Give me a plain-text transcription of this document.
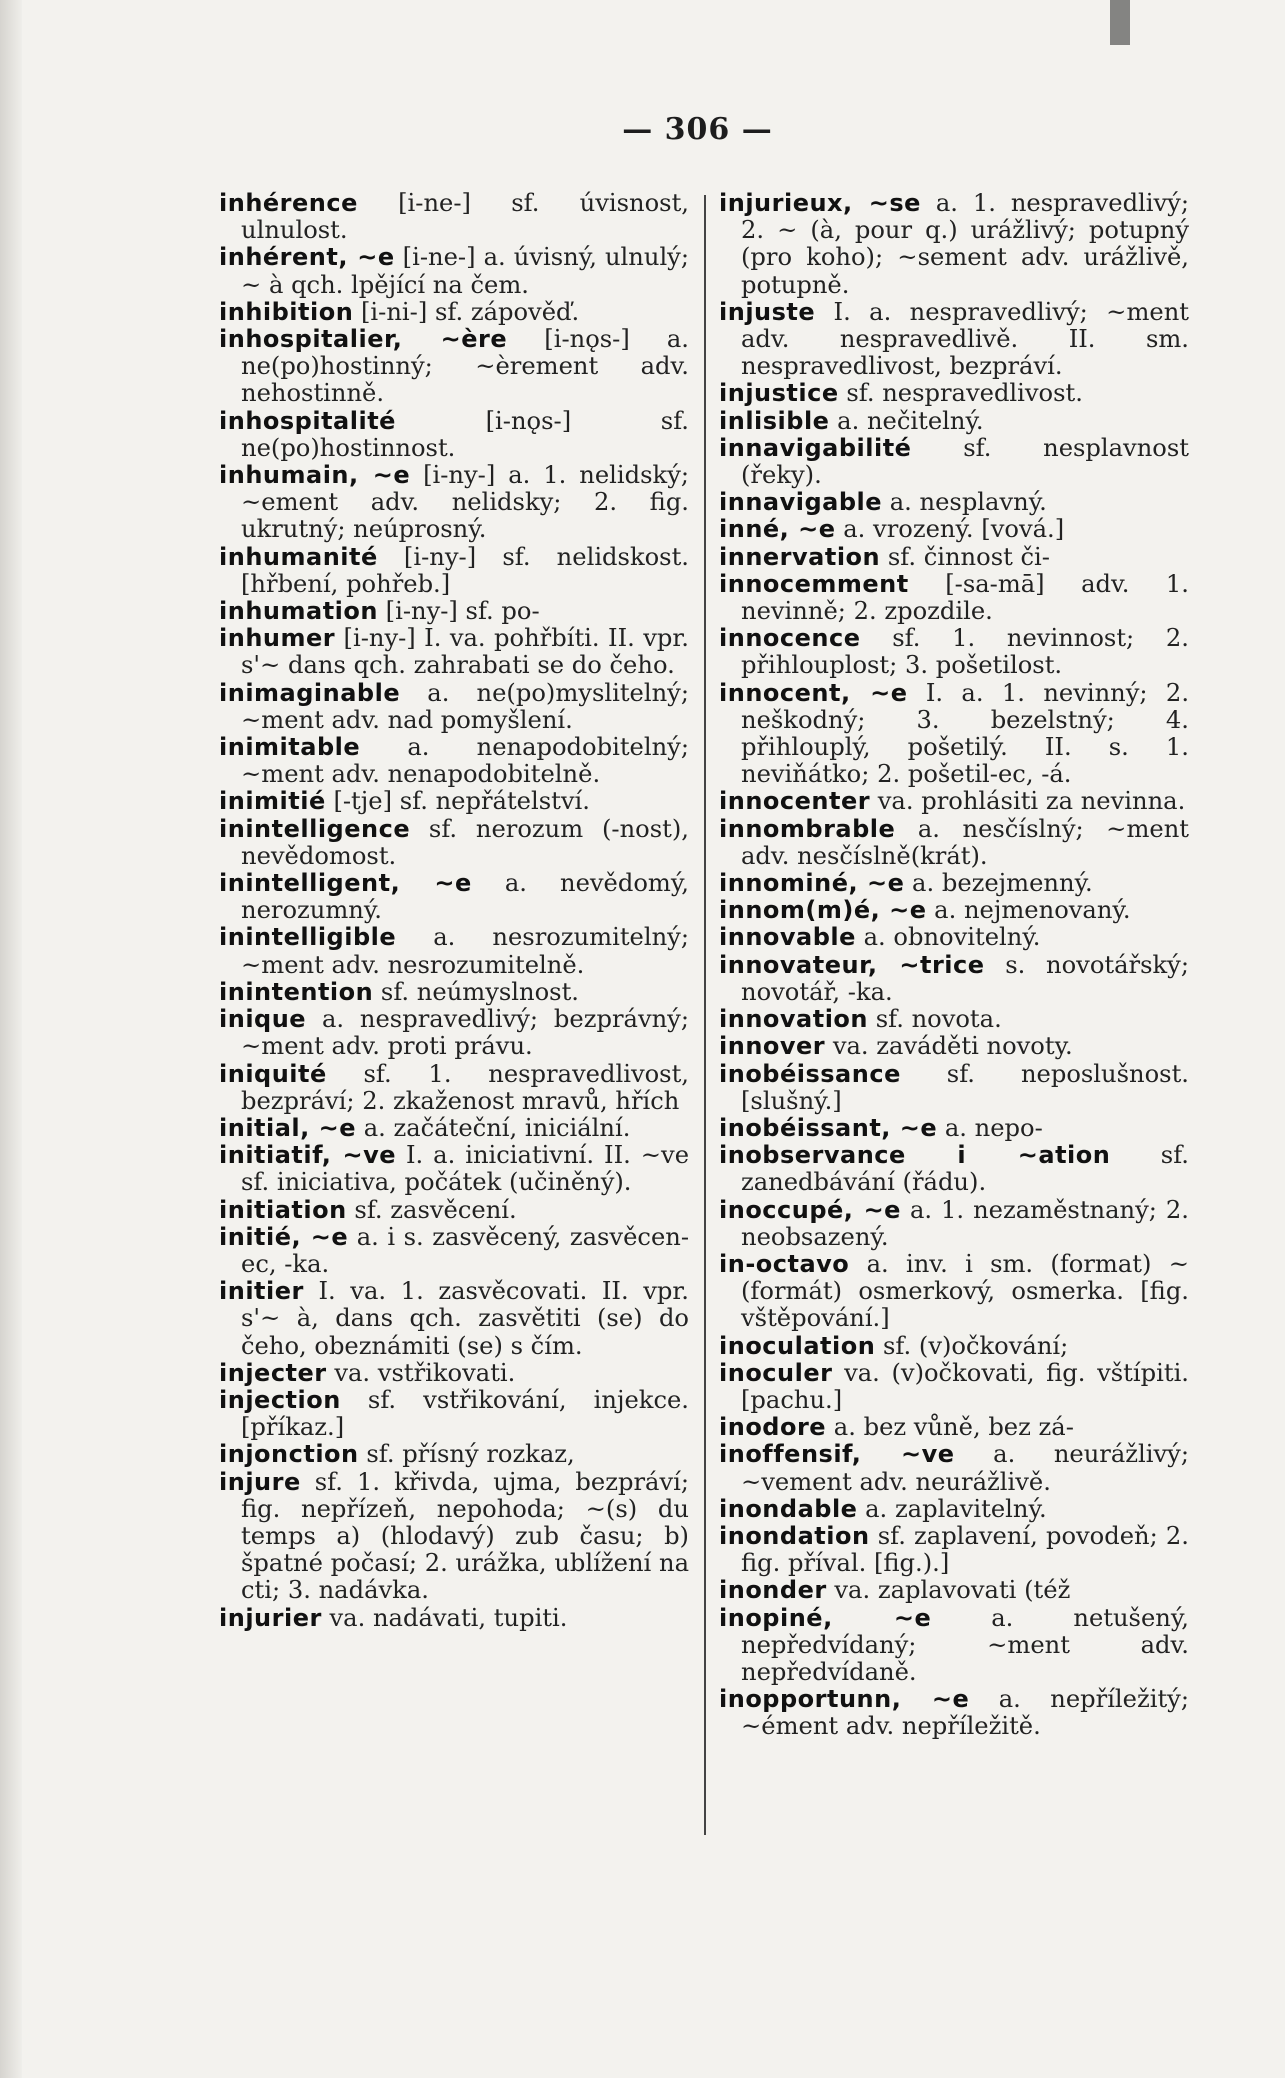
— 306 —

inhérence [i-ne-] sf. úvisnost, ulnulost.

inhérent, ~e [i-ne-] a. úvisný, ulnulý; ~ à qch. lpějící na čem.

inhibition [i-ni-] sf. zápověď.

inhospitalier, ~ère [i-nǫs-] a. ne(po)hostinný; ~èrement adv. nehostinně.

inhospitalité [i-nǫs-] sf. ne(po)hostinnost.

inhumain, ~e [i-ny-] a. 1. nelidský; ~ement adv. nelidsky; 2. fig. ukrutný; neúprosný.

inhumanité [i-ny-] sf. nelidskost. [hřbení, pohřeb.]

inhumation [i-ny-] sf. po-

inhumer [i-ny-] I. va. pohřbíti. II. vpr. s'~ dans qch. zahrabati se do čeho.

inimaginable a. ne(po)myslitelný; ~ment adv. nad pomyšlení.

inimitable a. nenapodobitelný; ~ment adv. nenapodobitelně.

inimitié [-tje] sf. nepřátelství.

inintelligence sf. nerozum (-nost), nevědomost.

inintelligent, ~e a. nevědomý, nerozumný.

inintelligible a. nesrozumitelný; ~ment adv. nesrozumitelně.

inintention sf. neúmyslnost.

inique a. nespravedlivý; bezprávný; ~ment adv. proti právu.

iniquité sf. 1. nespravedlivost, bezpráví; 2. zkaženost mravů, hřích

initial, ~e a. začáteční, iniciální.

initiatif, ~ve I. a. iniciativní. II. ~ve sf. iniciativa, počátek (učiněný).

initiation sf. zasvěcení.

initié, ~e a. i s. zasvěcený, zasvěcen-ec, -ka.

initier I. va. 1. zasvěcovati. II. vpr. s'~ à, dans qch. zasvětiti (se) do čeho, obeznámiti (se) s čím.

injecter va. vstřikovati.

injection sf. vstřikování, injekce. [příkaz.]

injonction sf. přísný rozkaz,

injure sf. 1. křivda, ujma, bezpráví; fig. nepřízeň, nepohoda; ~(s) du temps a) (hlodavý) zub času; b) špatné počasí; 2. urážka, ublížení na cti; 3. nadávka.

injurier va. nadávati, tupiti.

injurieux, ~se a. 1. nespravedlivý; 2. ~ (à, pour q.) urážlivý; potupný (pro koho); ~sement adv. urážlivě, potupně.

injuste I. a. nespravedlivý; ~ment adv. nespravedlivě. II. sm. nespravedlivost, bezpráví.

injustice sf. nespravedlivost.

inlisible a. nečitelný.

innavigabilité sf. nesplavnost (řeky).

innavigable a. nesplavný.

inné, ~e a. vrozený. [vová.]

innervation sf. činnost či-

innocemment [-sa-mā] adv. 1. nevinně; 2. zpozdile.

innocence sf. 1. nevinnost; 2. přihlouplost; 3. pošetilost.

innocent, ~e I. a. 1. nevinný; 2. neškodný; 3. bezelstný; 4. přihlouplý, pošetilý. II. s. 1. neviňátko; 2. pošetil-ec, -á.

innocenter va. prohlásiti za nevinna.

innombrable a. nesčíslný; ~ment adv. nesčíslně(krát).

innominé, ~e a. bezejmenný.

innom(m)é, ~e a. nejmenovaný.

innovable a. obnovitelný.

innovateur, ~trice s. novotářský; novotář, -ka.

innovation sf. novota.

innover va. zaváděti novoty.

inobéissance sf. neposlušnost. [slušný.]

inobéissant, ~e a. nepo-

inobservance i ~ation sf. zanedbávání (řádu).

inoccupé, ~e a. 1. nezaměstnaný; 2. neobsazený.

in-octavo a. inv. i sm. (format) ~ (formát) osmerkový, osmerka. [fig. vštěpování.]

inoculation sf. (v)očkování;

inoculer va. (v)očkovati, fig. vštípiti. [pachu.]

inodore a. bez vůně, bez zá-

inoffensif, ~ve a. neurážlivý; ~vement adv. neurážlivě.

inondable a. zaplavitelný.

inondation sf. zaplavení, povodeň; 2. fig. příval. [fig.).]

inonder va. zaplavovati (též

inopiné, ~e a. netušený, nepředvídaný; ~ment adv. nepředvídaně.

inopportunn, ~e a. nepříležitý; ~ément adv. nepříležitě.
